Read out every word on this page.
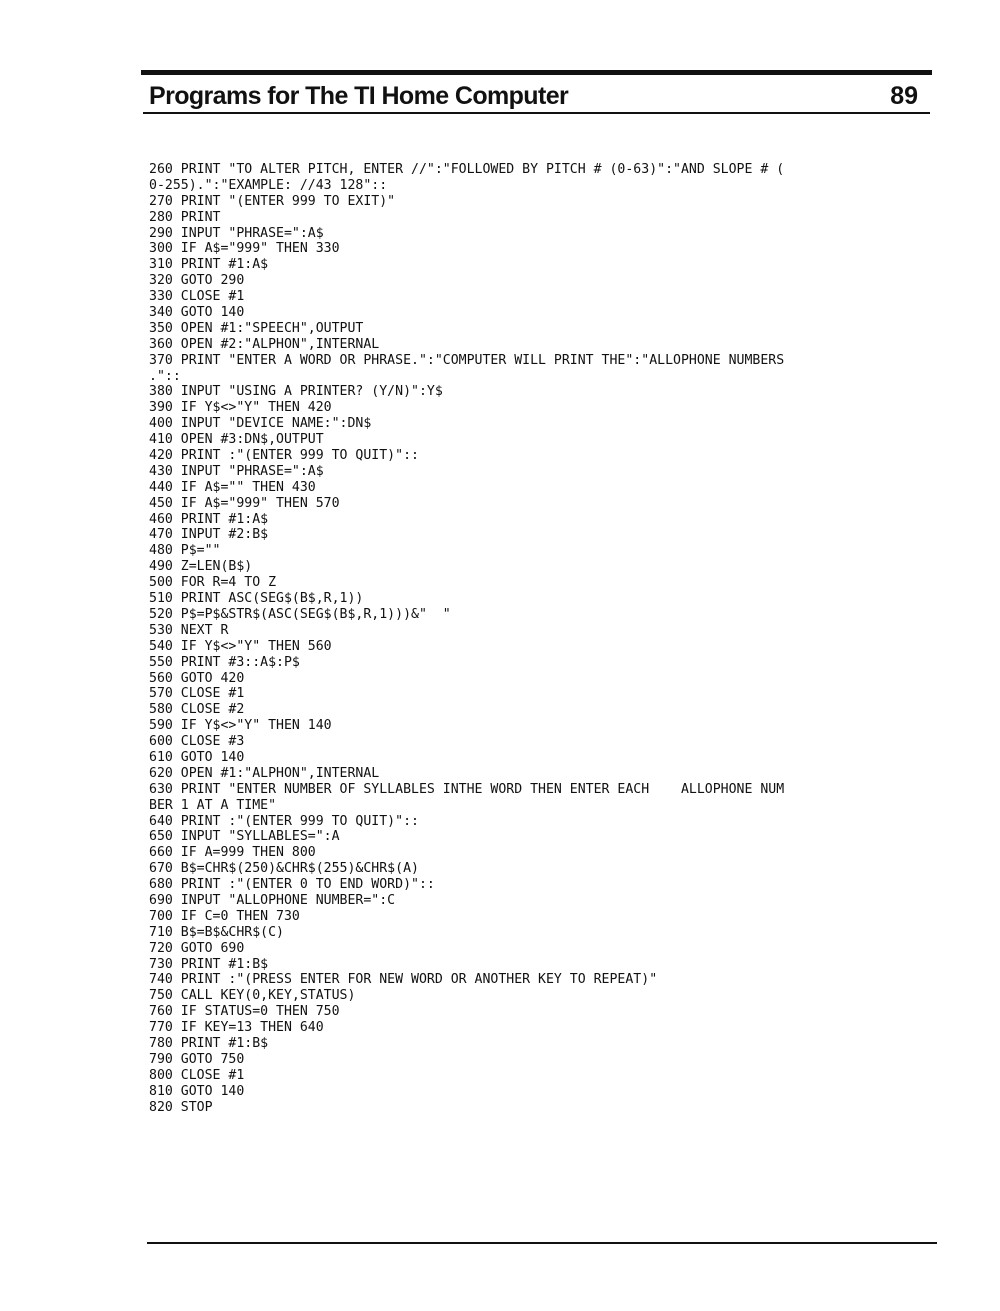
Programs for The TI Home Computer	89
260 PRINT "TO ALTER PITCH, ENTER //":"FOLLOWED BY PITCH # (0-63)":"AND SLOPE # (
0-255).":"EXAMPLE: //43 128"::
270 PRINT "(ENTER 999 TO EXIT)"
280 PRINT
290 INPUT "PHRASE=":A$
300 IF A$="999" THEN 330
310 PRINT #1:A$
320 GOTO 290
330 CLOSE #1
340 GOTO 140
350 OPEN #1:"SPEECH",OUTPUT
360 OPEN #2:"ALPHON",INTERNAL
370 PRINT "ENTER A WORD OR PHRASE.":"COMPUTER WILL PRINT THE":"ALLOPHONE NUMBERS
."::
380 INPUT "USING A PRINTER? (Y/N)":Y$
390 IF Y$<>"Y" THEN 420
400 INPUT "DEVICE NAME:":DN$
410 OPEN #3:DN$,OUTPUT
420 PRINT :"(ENTER 999 TO QUIT)"::
430 INPUT "PHRASE=":A$
440 IF A$="" THEN 430
450 IF A$="999" THEN 570
460 PRINT #1:A$
470 INPUT #2:B$
480 P$=""
490 Z=LEN(B$)
500 FOR R=4 TO Z
510 PRINT ASC(SEG$(B$,R,1))
520 P$=P$&STR$(ASC(SEG$(B$,R,1)))&"  "
530 NEXT R
540 IF Y$<>"Y" THEN 560
550 PRINT #3::A$:P$
560 GOTO 420
570 CLOSE #1
580 CLOSE #2
590 IF Y$<>"Y" THEN 140
600 CLOSE #3
610 GOTO 140
620 OPEN #1:"ALPHON",INTERNAL
630 PRINT "ENTER NUMBER OF SYLLABLES INTHE WORD THEN ENTER EACH    ALLOPHONE NUM
BER 1 AT A TIME"
640 PRINT :"(ENTER 999 TO QUIT)"::
650 INPUT "SYLLABLES=":A
660 IF A=999 THEN 800
670 B$=CHR$(250)&CHR$(255)&CHR$(A)
680 PRINT :"(ENTER 0 TO END WORD)"::
690 INPUT "ALLOPHONE NUMBER=":C
700 IF C=0 THEN 730
710 B$=B$&CHR$(C)
720 GOTO 690
730 PRINT #1:B$
740 PRINT :"(PRESS ENTER FOR NEW WORD OR ANOTHER KEY TO REPEAT)"
750 CALL KEY(0,KEY,STATUS)
760 IF STATUS=0 THEN 750
770 IF KEY=13 THEN 640
780 PRINT #1:B$
790 GOTO 750
800 CLOSE #1
810 GOTO 140
820 STOP
